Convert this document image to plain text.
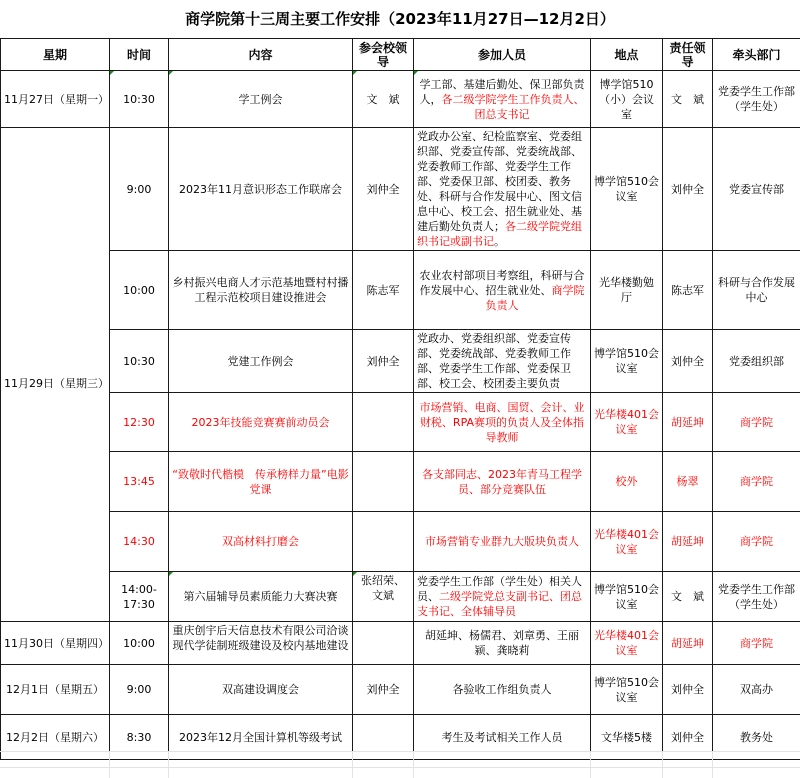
商学院第十三周主要工作安排（2023年11月27日—12月2日）
星期	时间	内容	参会校领导	参加人员	地点	责任领导	牵头部门
11月27日（星期一）	10:30	学工例会	文　斌	学工部、基建后勤处、保卫部负责人，各二级学院学生工作负责人、团总支书记	博学馆510（小）会议室	文　斌	党委学生工作部（学生处）
11月29日（星期三）	9:00	2023年11月意识形态工作联席会	刘仲全	党政办公室、纪检监察室、党委组织部、党委宣传部、党委统战部、党委教师工作部、党委学生工作部、党委保卫部、校团委、教务处、科研与合作发展中心、图文信息中心、校工会、招生就业处、基建后勤处负责人；各二级学院党组织书记或副书记。	博学馆510会议室	刘仲全	党委宣传部
	10:00	乡村振兴电商人才示范基地暨村村播工程示范校项目建设推进会	陈志军	农业农村部项目考察组，科研与合作发展中心、招生就业处、商学院负责人	光华楼勤勉厅	陈志军	科研与合作发展中心
	10:30	党建工作例会	刘仲全	党政办、党委组织部、党委宣传部、党委统战部、党委教师工作部、党委学生工作部、党委保卫部、校工会、校团委主要负责	博学馆510会议室	刘仲全	党委组织部
	12:30	2023年技能竞赛赛前动员会		市场营销、电商、国贸、会计、业财税、RPA赛项的负责人及全体指导教师	光华楼401会议室	胡延坤	商学院
	13:45	“致敬时代楷模　传承榜样力量”电影党课		各支部同志、2023年青马工程学员、部分竞赛队伍	校外	杨翠	商学院
	14:30	双高材料打磨会		市场营销专业群九大版块负责人	光华楼401会议室	胡延坤	商学院
	14:00-17:30	第六届辅导员素质能力大赛决赛	张绍荣、文斌	党委学生工作部（学生处）相关人员、二级学院党总支副书记、团总支书记、全体辅导员	博学馆510会议室	文　斌	党委学生工作部（学生处）
11月30日（星期四）	10:00	重庆创宇后天信息技术有限公司洽谈现代学徒制班级建设及校内基地建设		胡延坤、杨儒君、刘章勇、王丽颍、龚晓莉	光华楼401会议室	胡延坤	商学院
12月1日（星期五）	9:00	双高建设调度会	刘仲全	各验收工作组负责人	博学馆510会议室	刘仲全	双高办
12月2日（星期六）	8:30	2023年12月全国计算机等级考试		考生及考试相关工作人员	文华楼5楼	刘仲全	教务处
